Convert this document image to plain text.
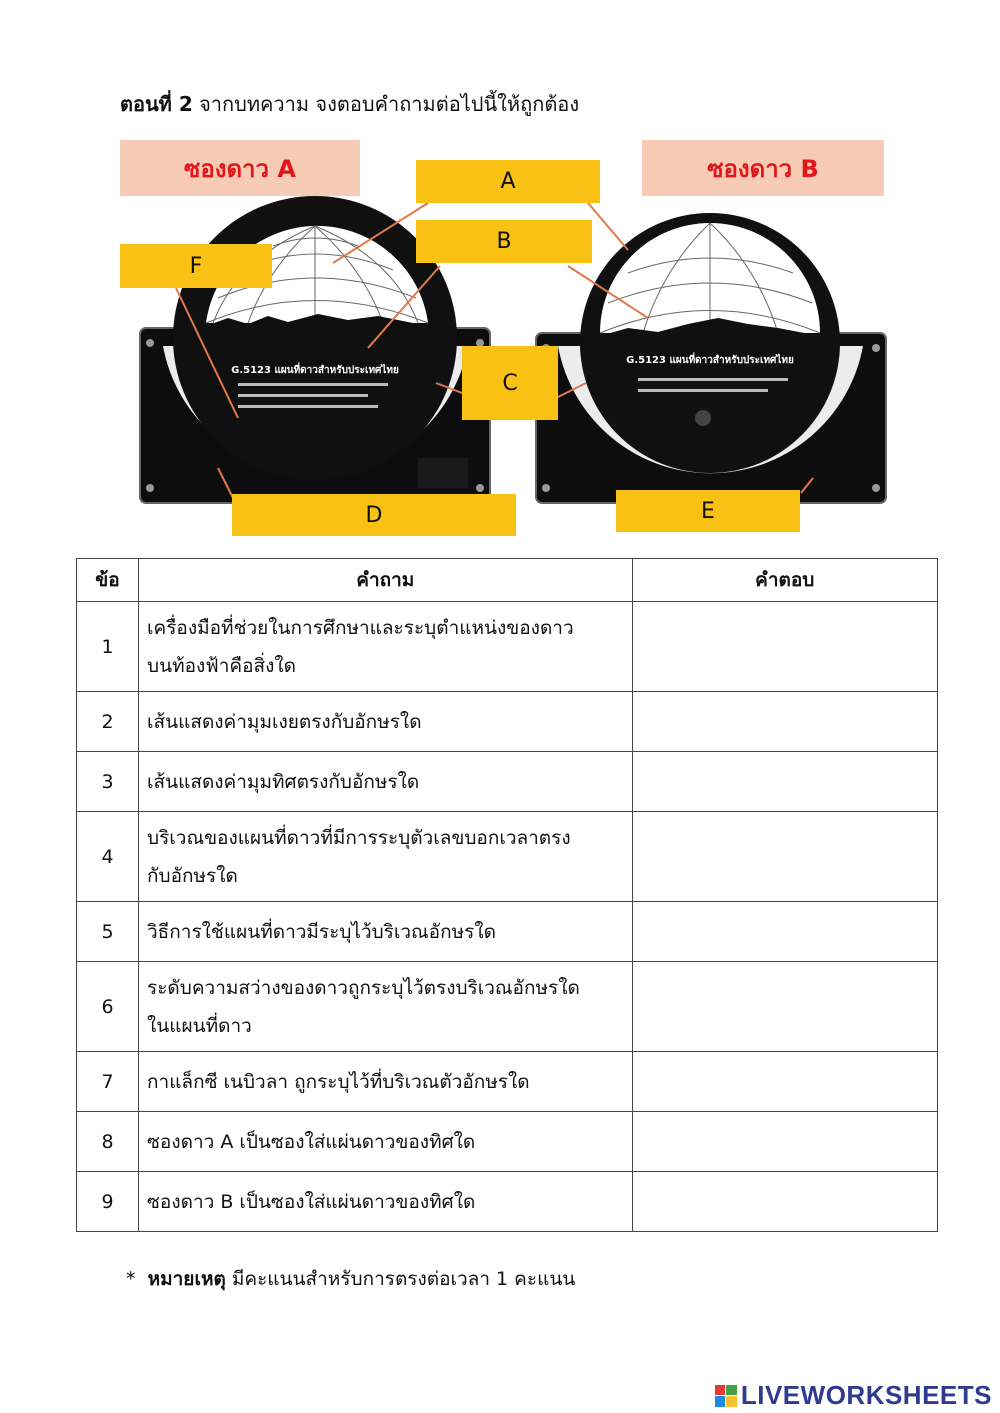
ตอนที่ 2 จากบทความ จงตอบคำถามต่อไปนี้ให้ถูกต้อง
G.5123 แผนที่ดาวสำหรับประเทศไทย
G.5123 แผนที่ดาวสำหรับประเทศไทย
ซองดาว A	ซองดาว B
A
B
C
D	E
F
ข้อ	คำถาม	คำตอบ
1	เครื่องมือที่ช่วยในการศึกษาและระบุตำแหน่งของดาว
บนท้องฟ้าคือสิ่งใด	

2	เส้นแสดงค่ามุมเงยตรงกับอักษรใด	

3	เส้นแสดงค่ามุมทิศตรงกับอักษรใด	

4	บริเวณของแผนที่ดาวที่มีการระบุตัวเลขบอกเวลาตรง
กับอักษรใด	

5	วิธีการใช้แผนที่ดาวมีระบุไว้บริเวณอักษรใด	

6	ระดับความสว่างของดาวถูกระบุไว้ตรงบริเวณอักษรใด
ในแผนที่ดาว	

7	กาแล็กซี เนบิวลา ถูกระบุไว้ที่บริเวณตัวอักษรใด	

8	ซองดาว A เป็นซองใส่แผ่นดาวของทิศใด	

9	ซองดาว B เป็นซองใส่แผ่นดาวของทิศใด	

* หมายเหตุ มีคะแนนสำหรับการตรงต่อเวลา 1 คะแนน
LIVEWORKSHEETS
